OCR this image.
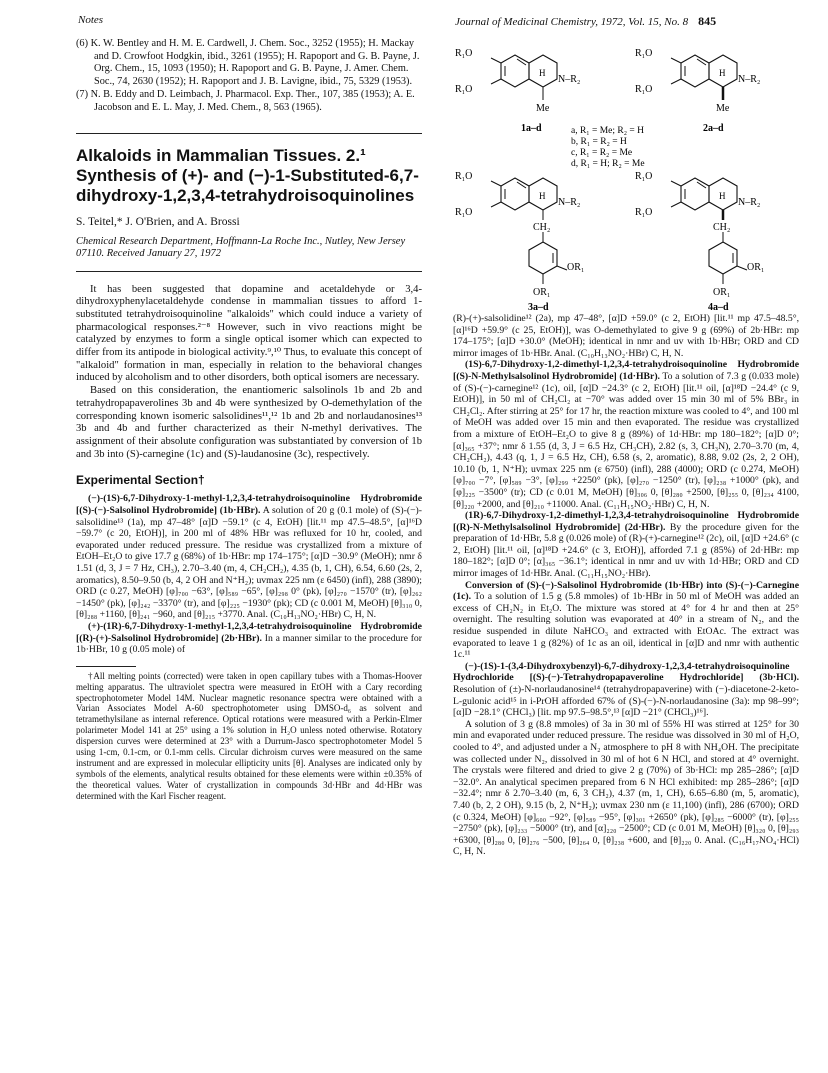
Notes	Journal of Medicinal Chemistry, 1972, Vol. 15, No. 8 845

(6) K. W. Bentley and H. M. E. Cardwell, J. Chem. Soc., 3252 (1955); H. Mackay and D. Crowfoot Hodgkin, ibid., 3261 (1955); H. Rapoport and G. B. Payne, J. Org. Chem., 15, 1093 (1950); H. Rapoport and G. B. Payne, J. Amer. Chem. Soc., 74, 2630 (1952); H. Rapoport and J. B. Lavigne, ibid., 75, 5329 (1953).

(7) N. B. Eddy and D. Leimbach, J. Pharmacol. Exp. Ther., 107, 385 (1953); A. E. Jacobson and E. L. May, J. Med. Chem., 8, 563 (1965).

Alkaloids in Mammalian Tissues. 2.¹ Synthesis of (+)- and (−)-1-Substituted-6,7-dihydroxy-1,2,3,4-tetrahydroisoquinolines
S. Teitel,* J. O'Brien, and A. Brossi
Chemical Research Department, Hoffmann-La Roche Inc., Nutley, New Jersey 07110. Received January 27, 1972

It has been suggested that dopamine and acetaldehyde or 3,4-dihydroxyphenylacetaldehyde condense in mammalian tissues to afford 1-substituted tetrahydroisoquinoline "alkaloids" which could induce a variety of pharmacological responses.²⁻⁸ However, such in vivo reactions might be catalyzed by enzymes to form a single optical isomer which can expected to differ from its antipode in biological activity.⁹,¹⁰ Thus, to evaluate this concept of "alkaloid" formation in man, especially in relation to the behavioral changes induced by alcoholism and to other disorders, both optical isomers are necessary.

Based on this consideration, the enantiomeric salsolinols 1b and 2b and tetrahydropapaverolines 3b and 4b were synthesized by O-demethylation of the corresponding known isomeric salsolidines¹¹,¹² 1b and 2b and norlaudanosines¹³ 3b and 4b and further characterized as their N-methyl derivatives. The assignment of their absolute configuration was substantiated by conversion of 1b and 3b into (S)-carnegine (1c) and (S)-laudanosine (3c), respectively.

Experimental Section†

(−)-(1S)-6,7-Dihydroxy-1-methyl-1,2,3,4-tetrahydroisoquinoline Hydrobromide [(S)-(−)-Salsolinol Hydrobromide] (1b·HBr). A solution of 20 g (0.1 mole) of (S)-(−)-salsolidine¹³ (1a), mp 47–48° [α]D −59.1° (c 4, EtOH) [lit.¹¹ mp 47.5–48.5°, [α]¹⁶D −59.7° (c 20, EtOH)], in 200 ml of 48% HBr was refluxed for 10 hr, cooled, and evaporated under reduced pressure. The residue was crystallized from a mixture of EtOH–Et₂O to give 17.7 g (68%) of 1b·HBr: mp 174–175°; [α]D −30.9° (MeOH); nmr δ 1.51 (d, 3, J = 7 Hz, CH₃), 2.70–3.40 (m, 4, CH₂CH₂), 4.35 (b, 1, CH), 6.54, 6.60 (2s, 2, aromatics), 8.50–9.50 (b, 4, 2 OH and N⁺H₂); uvmax 225 nm (ε 6450) (infl), 288 (3890); ORD (c 0.27, MeOH) [φ]₇₀₀ −63°, [φ]₅₈₉ −65°, [φ]₂₉₈ 0° (pk), [φ]₂₇₀ −1570° (tr), [φ]₂₆₂ −1450° (pk), [φ]₂₄₂ −3370° (tr), and [φ]₂₂₅ −1930° (pk); CD (c 0.001 M, MeOH) [θ]₃₁₀ 0, [θ]₂₈₈ +1160, [θ]₂₄₁ −960, and [θ]₂₁₅ +3770. Anal. (C₁₀H₁₃NO₂·HBr) C, H, N.

(+)-(1R)-6,7-Dihydroxy-1-methyl-1,2,3,4-tetrahydroisoquinoline Hydrobromide [(R)-(+)-Salsolinol Hydrobromide] (2b·HBr). In a manner similar to the procedure for 1b·HBr, 10 g (0.05 mole) of

†All melting points (corrected) were taken in open capillary tubes with a Thomas-Hoover melting apparatus. The ultraviolet spectra were measured in EtOH with a Cary recording spectrophotometer Model 14M. Nuclear magnetic resonance spectra were obtained with a Varian Associates Model A-60 spectrophotometer using DMSO-d₆ as solvent and tetramethylsilane as internal reference. Optical rotations were measured with a Perkin-Elmer polarimeter Model 141 at 25° using a 1% solution in H₂O unless noted otherwise. Rotatory dispersion curves were determined at 23° with a Durrum-Jasco spectrophotometer Model 5 using 1-cm, 0.1-cm, or 0.1-mm cells. Circular dichroism curves were measured on the same instrument and are expressed in molecular ellipticity units [θ]. Analyses are indicated only by symbols of the elements, analytical results obtained for these elements were within ±0.35% of the theoretical values. Water of crystallization in compounds 3d·HBr and 4d·HBr was determined with the Karl Fischer reagent.

R₁O
R₁O
H
N–R₂
Me
1a–d
R₁O
R₁O
H
N–R₂
Me
2a–d
a, R₁ = Me; R₂ = H
b, R₁ = R₂ = H
c, R₁ = R₂ = Me
d, R₁ = H; R₂ = Me
R₁O
R₁O
H
N–R₂
CH₂
OR₁
OR₁
3a–d
R₁O
R₁O
H
N–R₂
CH₂
OR₁
OR₁
4a–d

(R)-(+)-salsolidine¹² (2a), mp 47–48°, [α]D +59.0° (c 2, EtOH) [lit.¹¹ mp 47.5–48.5°, [α]¹⁶D +59.9° (c 25, EtOH)], was O-demethylated to give 9 g (69%) of 2b·HBr: mp 174–175°; [α]D +30.0° (MeOH); identical in nmr and uv with 1b·HBr; ORD and CD mirror images of 1b·HBr. Anal. (C₁₀H₁₃NO₂·HBr) C, H, N.

(1S)-6,7-Dihydroxy-1,2-dimethyl-1,2,3,4-tetrahydroisoquinoline Hydrobromide [(S)-N-Methylsalsolinol Hydrobromide] (1d·HBr). To a solution of 7.3 g (0.033 mole) of (S)-(−)-carnegine¹² (1c), oil, [α]D −24.3° (c 2, EtOH) [lit.¹¹ oil, [α]¹⁸D −24.4° (c 9, EtOH)], in 50 ml of CH₂Cl₂ at −70° was added over 15 min 30 ml of 5% BBr₃ in CH₂Cl₂. After stirring at 25° for 17 hr, the reaction mixture was cooled to 4°, and 100 ml of MeOH was added over 15 min and then evaporated. The residue was crystallized from a mixture of EtOH–Et₂O to give 8 g (89%) of 1d·HBr: mp 180–182°; [α]D 0°; [α]₃₆₅ +37°; nmr δ 1.55 (d, 3, J = 6.5 Hz, CH₃CH), 2.82 (s, 3, CH₃N), 2.70–3.70 (m, 4, CH₂CH₂), 4.43 (q, 1, J = 6.5 Hz, CH), 6.58 (s, 2, aromatic), 8.88, 9.02 (2s, 2, 2 OH), 10.10 (b, 1, N⁺H); uvmax 225 nm (ε 6750) (infl), 288 (4000); ORD (c 0.274, MeOH) [φ]₇₀₀ −7°, [φ]₅₈₉ −3°, [φ]₂₉₉ +2250° (pk), [φ]₂₇₀ −1250° (tr), [φ]₂₃₈ +1000° (pk), and [φ]₂₂₅ −3500° (tr); CD (c 0.01 M, MeOH) [θ]₃₀₆ 0, [θ]₂₈₀ +2500, [θ]₂₅₅ 0, [θ]₂₃₄ 4100, [θ]₂₂₀ +2000, and [θ]₂₁₀ +11000. Anal. (C₁₁H₁₅NO₂·HBr) C, H, N.

(1R)-6,7-Dihydroxy-1,2-dimethyl-1,2,3,4-tetrahydroisoquinoline Hydrobromide [(R)-N-Methylsalsolinol Hydrobromide] (2d·HBr). By the procedure given for the preparation of 1d·HBr, 5.8 g (0.026 mole) of (R)-(+)-carnegine¹² (2c), oil, [α]D +24.6° (c 2, EtOH) [lit.¹¹ oil, [α]¹⁸D +24.6° (c 3, EtOH)], afforded 7.1 g (85%) of 2d·HBr: mp 180–182°; [α]D 0°; [α]₃₆₅ −36.1°; identical in nmr and uv with 1d·HBr; ORD and CD mirror images of 1d·HBr. Anal. (C₁₁H₁₅NO₂·HBr).

Conversion of (S)-(−)-Salsolinol Hydrobromide (1b·HBr) into (S)-(−)-Carnegine (1c). To a solution of 1.5 g (5.8 mmoles) of 1b·HBr in 50 ml of MeOH was added an excess of CH₂N₂ in Et₂O. The mixture was stored at 4° for 4 hr and then at 25° overnight. The resulting solution was evaporated at 40° in a stream of N₂, and the residue suspended in dilute NaHCO₃ and extracted with EtOAc. The extract was evaporated to leave 1 g (82%) of 1c as an oil, identical in [α]D and nmr with authentic 1c.¹¹

(−)-(1S)-1-(3,4-Dihydroxybenzyl)-6,7-dihydroxy-1,2,3,4-tetrahydroisoquinoline Hydrochloride [(S)-(−)-Tetrahydropapaveroline Hydrochloride] (3b·HCl). Resolution of (±)-N-norlaudanosine¹⁴ (tetrahydropapaverine) with (−)-diacetone-2-keto-L-gulonic acid¹⁵ in i-PrOH afforded 67% of (S)-(−)-N-norlaudanosine (3a): mp 98–99°; [α]D −28.1° (CHCl₃) [lit. mp 97.5–98.5°,¹³ [α]D −21° (CHCl₃)¹⁶].

A solution of 3 g (8.8 mmoles) of 3a in 30 ml of 55% HI was stirred at 125° for 30 min and evaporated under reduced pressure. The residue was dissolved in 30 ml of H₂O, cooled to 4°, and adjusted under a N₂ atmosphere to pH 8 with NH₄OH. The precipitate was collected under N₂, dissolved in 30 ml of hot 6 N HCl, and stored at 4° overnight. The crystals were filtered and dried to give 2 g (70%) of 3b·HCl: mp 285–286°; [α]D −32.0°. An analytical specimen prepared from 6 N HCl exhibited: mp 285–286°; [α]D −32.4°; nmr δ 2.70–3.40 (m, 6, 3 CH₂), 4.37 (m, 1, CH), 6.65–6.80 (m, 5, aromatic), 7.40 (b, 2, 2 OH), 9.15 (b, 2, N⁺H₂); uvmax 230 nm (ε 11,100) (infl), 286 (6700); ORD (c 0.324, MeOH) [φ]₆₀₀ −92°, [φ]₅₈₉ −95°, [φ]₃₀₁ +2650° (pk), [φ]₂₈₅ −6000° (tr), [φ]₂₅₅ −2750° (pk), [φ]₂₃₃ −5000° (tr), and [α]₂₂₀ −2500°; CD (c 0.01 M, MeOH) [θ]₃₂₀ 0, [θ]₂₉₃ +6300, [θ]₂₈₀ 0, [θ]₂₇₆ −500, [θ]₂₆₄ 0, [θ]₂₃₈ +600, and [θ]₂₂₀ 0. Anal. (C₁₆H₁₇NO₄·HCl) C, H, N.
